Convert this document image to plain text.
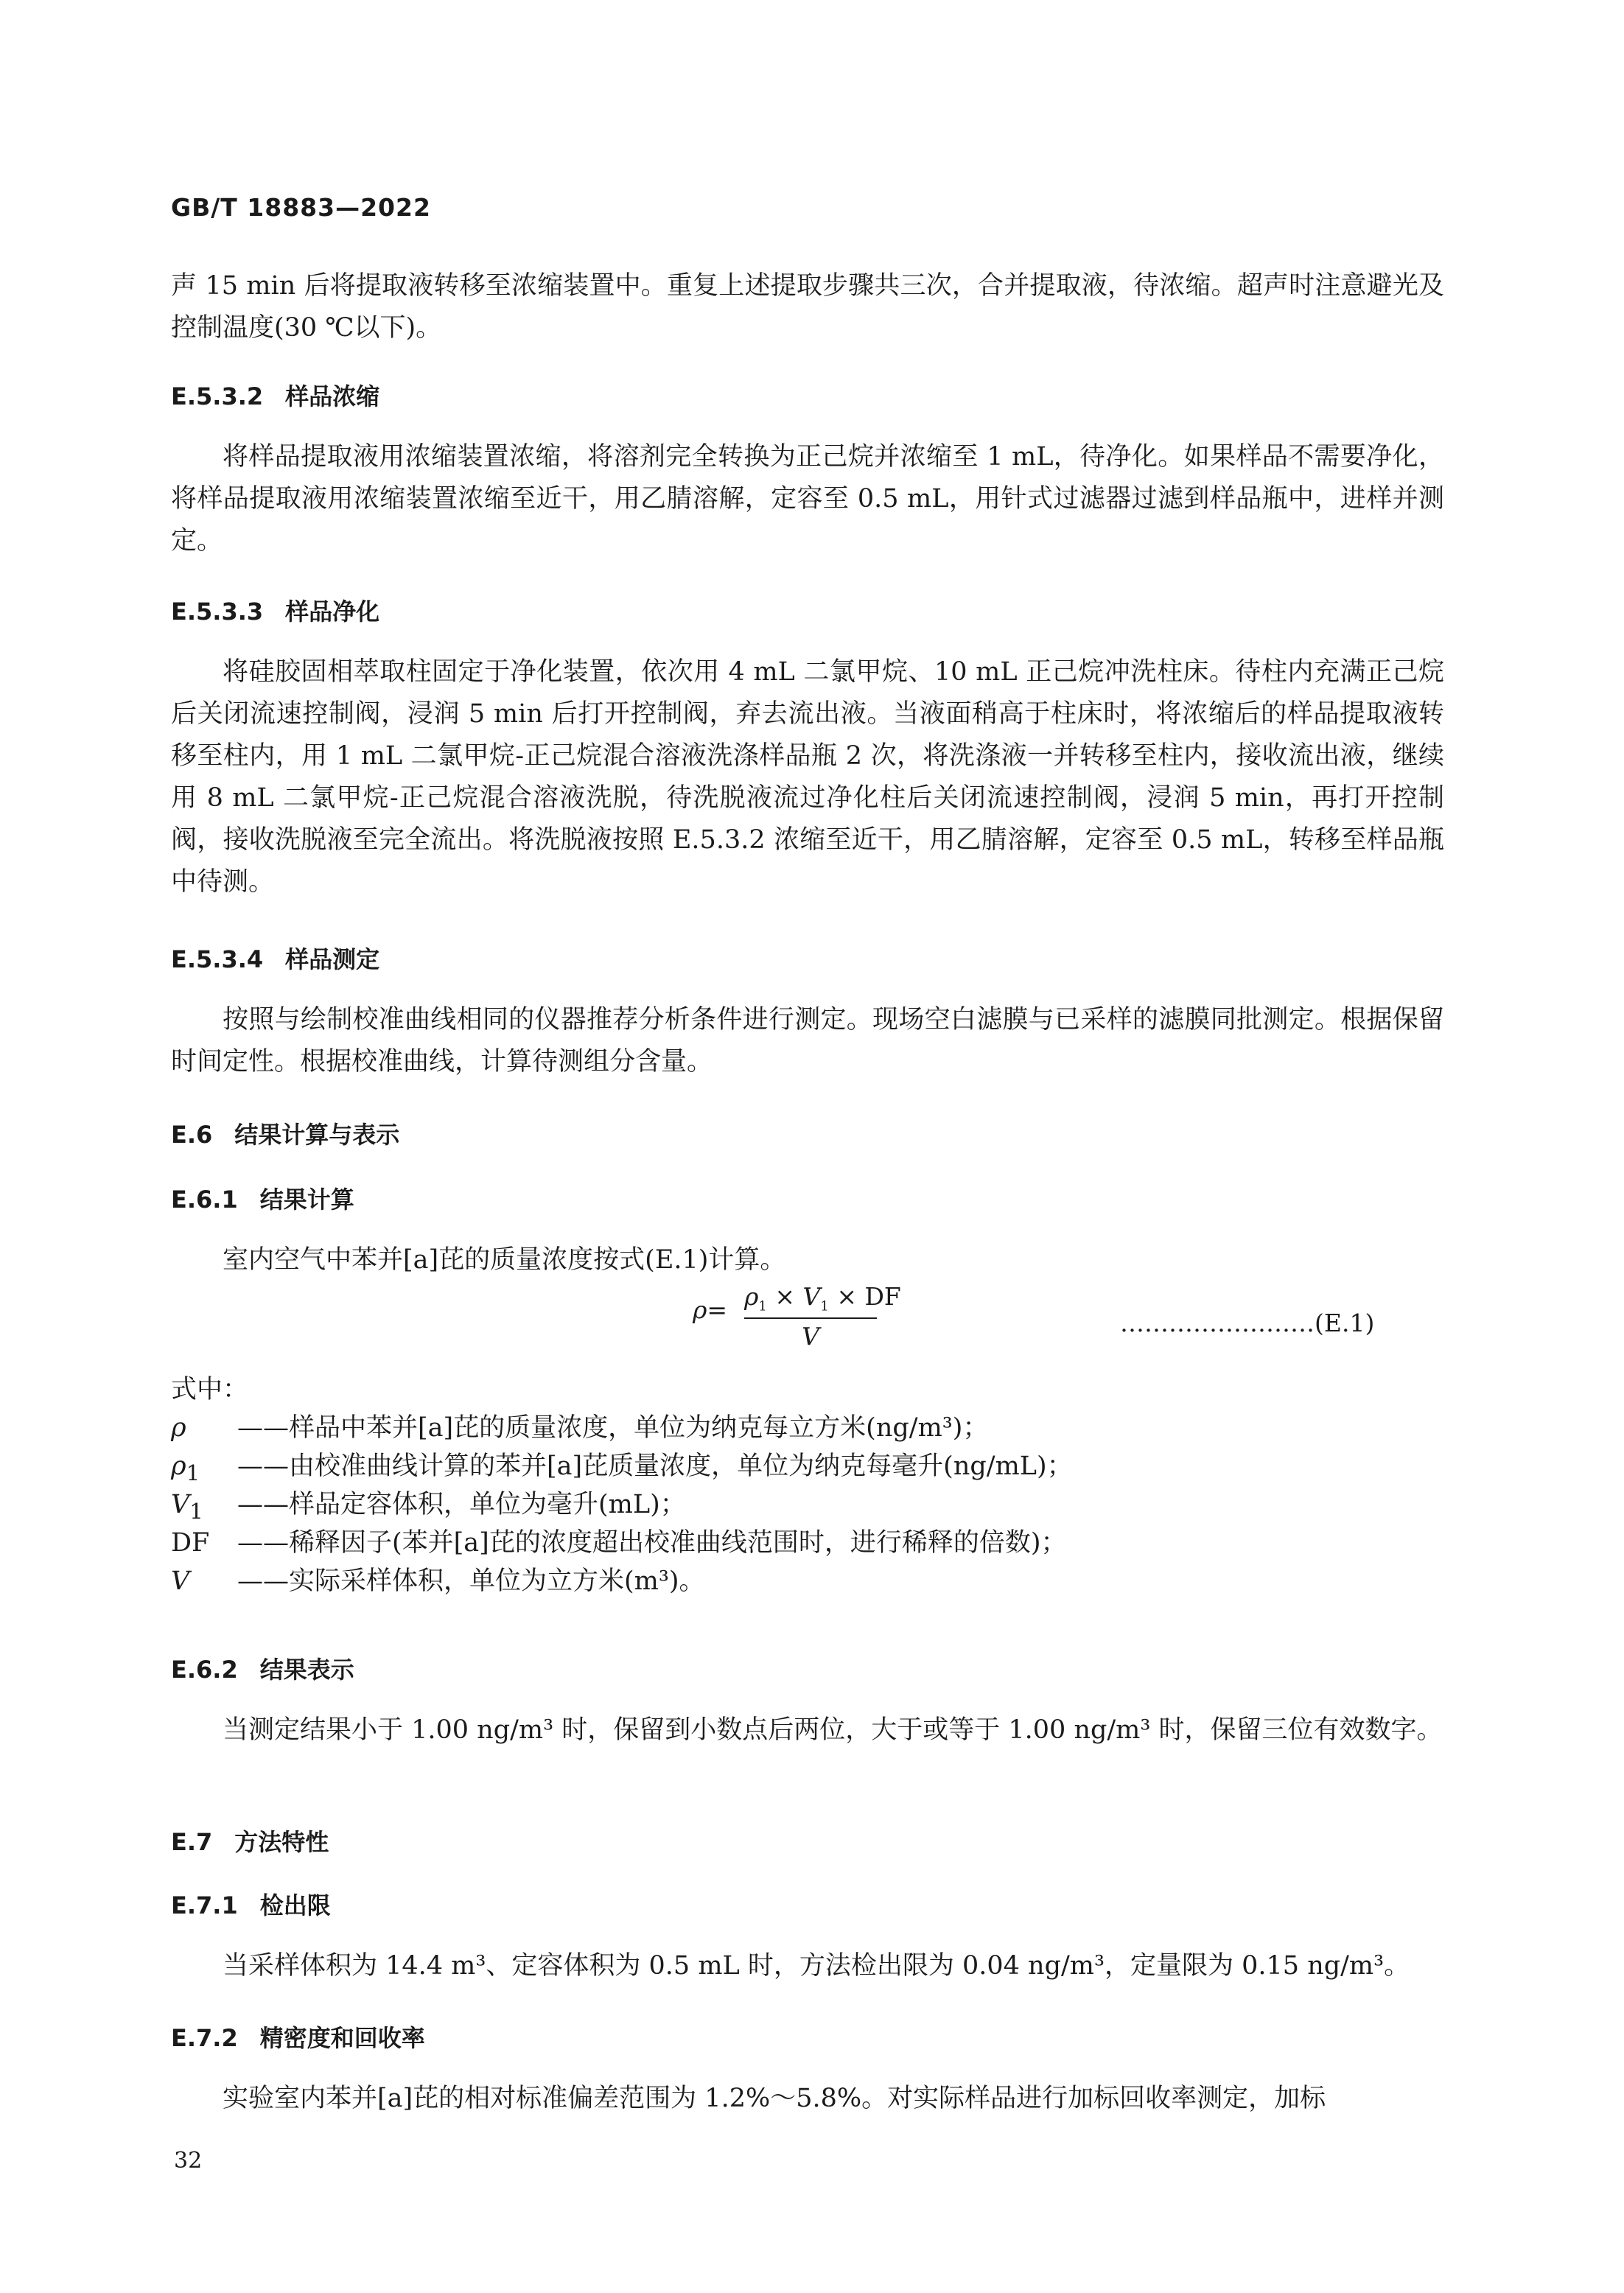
GB/T 18883—2022

声 15 min 后将提取液转移至浓缩装置中。重复上述提取步骤共三次，合并提取液，待浓缩。超声时注意避光及控制温度(30 ℃以下)。

E.5.3.2 样品浓缩

将样品提取液用浓缩装置浓缩，将溶剂完全转换为正己烷并浓缩至 1 mL，待净化。如果样品不需要净化，将样品提取液用浓缩装置浓缩至近干，用乙腈溶解，定容至 0.5 mL，用针式过滤器过滤到样品瓶中，进样并测定。

E.5.3.3 样品净化

将硅胶固相萃取柱固定于净化装置，依次用 4 mL 二氯甲烷、10 mL 正己烷冲洗柱床。待柱内充满正己烷后关闭流速控制阀，浸润 5 min 后打开控制阀，弃去流出液。当液面稍高于柱床时，将浓缩后的样品提取液转移至柱内，用 1 mL 二氯甲烷-正己烷混合溶液洗涤样品瓶 2 次，将洗涤液一并转移至柱内，接收流出液，继续用 8 mL 二氯甲烷-正己烷混合溶液洗脱，待洗脱液流过净化柱后关闭流速控制阀，浸润 5 min，再打开控制阀，接收洗脱液至完全流出。将洗脱液按照 E.5.3.2 浓缩至近干，用乙腈溶解，定容至 0.5 mL，转移至样品瓶中待测。

E.5.3.4 样品测定

按照与绘制校准曲线相同的仪器推荐分析条件进行测定。现场空白滤膜与已采样的滤膜同批测定。根据保留时间定性。根据校准曲线，计算待测组分含量。

E.6 结果计算与表示
E.6.1 结果计算

室内空气中苯并[a]芘的质量浓度按式(E.1)计算。

$\rho= \rho_1 \times V_1$ × DF
V	……………………(E.1)
式中：
ρ ——样品中苯并[a]芘的质量浓度，单位为纳克每立方米(ng/m³)；
$\rho_1$ ——由校准曲线计算的苯并[a]芘质量浓度，单位为纳克每毫升(ng/mL)；
$V_1$ ——样品定容体积，单位为毫升(mL)；
DF ——稀释因子(苯并[a]芘的浓度超出校准曲线范围时，进行稀释的倍数)；
V ——实际采样体积，单位为立方米(m³)。
E.6.2 结果表示

当测定结果小于 1.00 ng/m³ 时，保留到小数点后两位，大于或等于 1.00 ng/m³ 时，保留三位有效数字。

E.7 方法特性
E.7.1 检出限

当采样体积为 14.4 m³、定容体积为 0.5 mL 时，方法检出限为 0.04 ng/m³，定量限为 0.15 ng/m³。

E.7.2 精密度和回收率

实验室内苯并[a]芘的相对标准偏差范围为 1.2%～5.8%。对实际样品进行加标回收率测定，加标

32
